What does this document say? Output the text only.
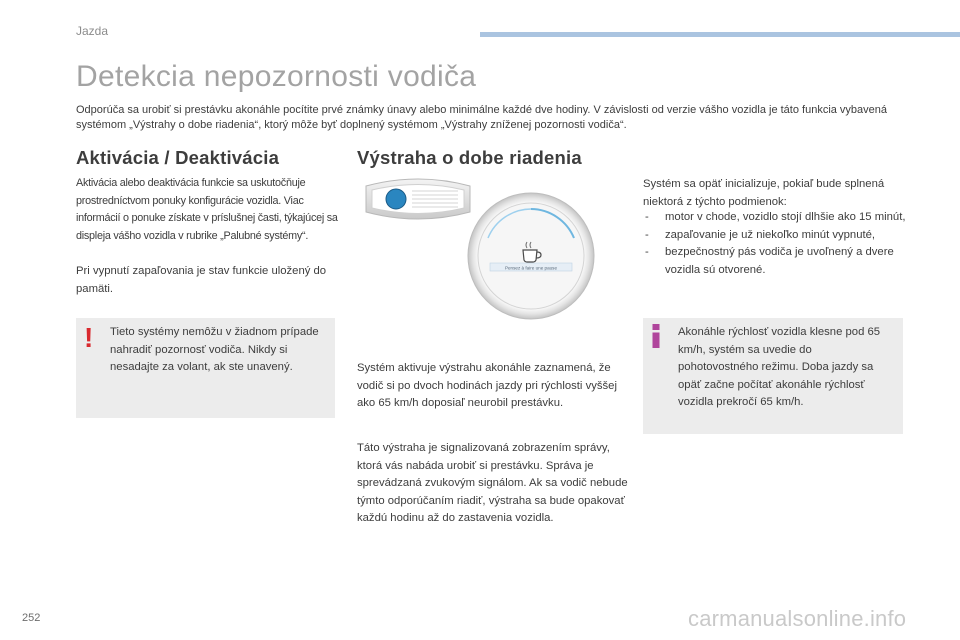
Jazda
Detekcia nepozornosti vodiča
Odporúča sa urobiť si prestávku akonáhle pocítite prvé známky únavy alebo minimálne každé dve hodiny. V závislosti od verzie vášho vozidla je táto funkcia vybavená systémom „Výstrahy o dobe riadenia“, ktorý môže byť doplnený systémom „Výstrahy zníženej pozornosti vodiča“.
Aktivácia / Deaktivácia
Aktivácia alebo deaktivácia funkcie sa uskutočňuje prostredníctvom ponuky konfigurácie vozidla. Viac informácií o ponuke získate v príslušnej časti, týkajúcej sa displeja vášho vozidla v rubrike „Palubné systémy“.
Pri vypnutí zapaľovania je stav funkcie uložený do pamäti.
! Tieto systémy nemôžu v žiadnom prípade nahradiť pozornosť vodiča. Nikdy si nesadajte za volant, ak ste unavený.
Výstraha o dobe riadenia
Pensez à faire une pause
Systém aktivuje výstrahu akonáhle zaznamená, že vodič si po dvoch hodinách jazdy pri rýchlosti vyššej ako 65 km/h doposiaľ neurobil prestávku.
Táto výstraha je signalizovaná zobrazením správy, ktorá vás nabáda urobiť si prestávku. Správa je sprevádzaná zvukovým signálom. Ak sa vodič nebude týmto odporúčaním riadiť, výstraha sa bude opakovať každú hodinu až do zastavenia vozidla.
Systém sa opäť inicializuje, pokiaľ bude splnená niektorá z týchto podmienok:
- motor v chode, vozidlo stojí dlhšie ako 15 minút,
- zapaľovanie je už niekoľko minút vypnuté,
- bezpečnostný pás vodiča je uvoľnený a dvere vozidla sú otvorené.
Akonáhle rýchlosť vozidla klesne pod 65 km/h, systém sa uvedie do pohotovostného režimu. Doba jazdy sa opäť začne počítať akonáhle rýchlosť vozidla prekročí 65 km/h.
252	carmanualsonline.info
